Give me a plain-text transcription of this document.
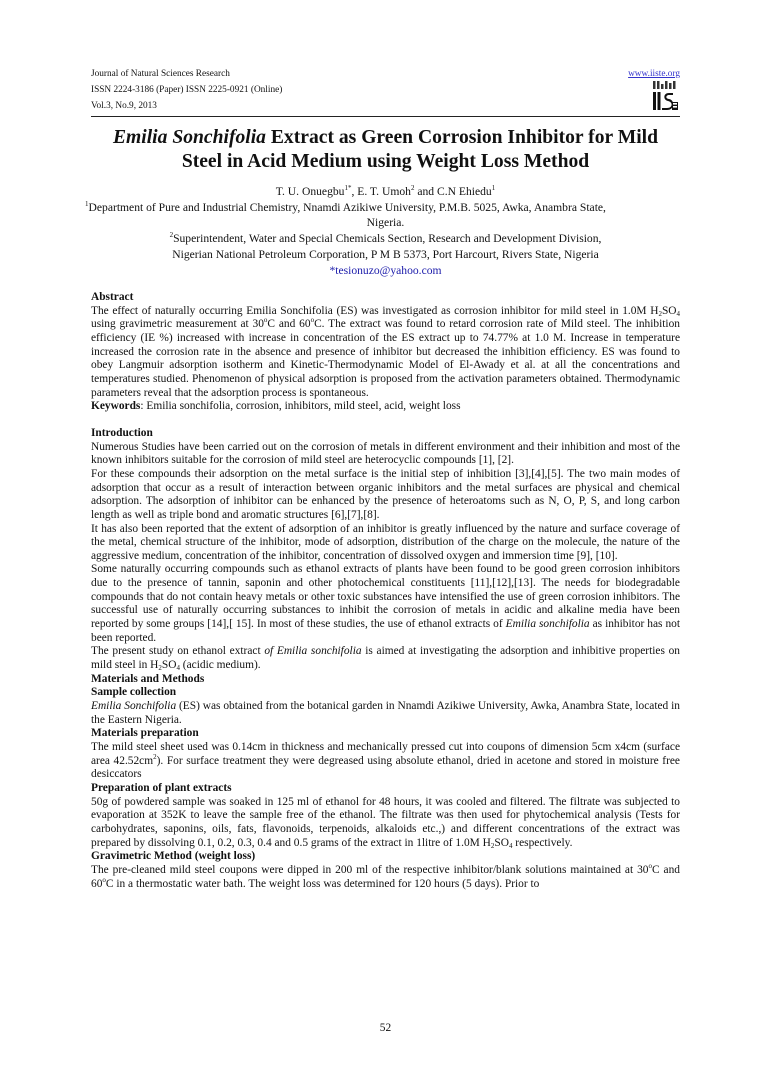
Journal of Natural Sciences Research
ISSN 2224-3186 (Paper) ISSN 2225-0921 (Online)
Vol.3, No.9, 2013
www.iiste.org
Emilia Sonchifolia Extract as Green Corrosion Inhibitor for Mild
Steel in Acid Medium using Weight Loss Method
T. U. Onuegbu$^{1*}$, E. T. Umoh$^2$ and C.N Ehiedu$^1$
$^1$Department of Pure and Industrial Chemistry, Nnamdi Azikiwe University, P.M.B. 5025, Awka, Anambra State,
Nigeria.
$^2$Superintendent, Water and Special Chemicals Section, Research and Development Division,
Nigerian National Petroleum Corporation, P M B 5373, Port Harcourt, Rivers State, Nigeria
*tesionuzo@yahoo.com
Abstract

The effect of naturally occurring Emilia Sonchifolia (ES) was investigated as corrosion inhibitor for mild steel in 1.0M $H_2SO_4$ using gravimetric measurement at 30$^o$C and 60$^o$C. The extract was found to retard corrosion rate of Mild steel. The inhibition efficiency (IE %) increased with increase in concentration of the ES extract up to 74.77% at 1.0 M. Increase in temperature increased the corrosion rate in the absence and presence of inhibitor but decreased the inhibition efficiency. ES was found to obey Langmuir adsorption isotherm and Kinetic-Thermodynamic Model of El-Awady et al. at all the concentrations and temperatures studied. Phenomenon of physical adsorption is proposed from the activation parameters obtained. Thermodynamic parameters reveal that the adsorption process is spontaneous.

Keywords: Emilia sonchifolia, corrosion, inhibitors, mild steel, acid, weight loss

Introduction

Numerous Studies have been carried out on the corrosion of metals in different environment and their inhibition and most of the known inhibitors suitable for the corrosion of mild steel are heterocyclic compounds [1], [2].

For these compounds their adsorption on the metal surface is the initial step of inhibition [3],[4],[5]. The two main modes of adsorption that occur as a result of interaction between organic inhibitors and the metal surfaces are physical and chemical adsorption. The adsorption of inhibitor can be enhanced by the presence of heteroatoms such as N, O, P, S, and long carbon length as well as triple bond and aromatic structures [6],[7],[8].

It has also been reported that the extent of adsorption of an inhibitor is greatly influenced by the nature and surface coverage of the metal, chemical structure of the inhibitor, mode of adsorption, distribution of the charge on the molecule, the nature of the aggressive medium, concentration of the inhibitor, concentration of dissolved oxygen and immersion time [9], [10].

Some naturally occurring compounds such as ethanol extracts of plants have been found to be good green corrosion inhibitors due to the presence of tannin, saponin and other photochemical constituents [11],[12],[13]. The needs for biodegradable compounds that do not contain heavy metals or other toxic substances have intensified the use of green corrosion inhibitors. The successful use of naturally occurring substances to inhibit the corrosion of metals in acidic and alkaline media have been reported by some groups [14],[ 15]. In most of these studies, the use of ethanol extracts of Emilia sonchifolia as inhibitor has not been reported.

The present study on ethanol extract of Emilia sonchifolia is aimed at investigating the adsorption and inhibitive properties on mild steel in $H_2SO_4$ (acidic medium).

Materials and Methods
Sample collection

Emilia Sonchifolia (ES) was obtained from the botanical garden in Nnamdi Azikiwe University, Awka, Anambra State, located in the Eastern Nigeria.

Materials preparation

The mild steel sheet used was 0.14cm in thickness and mechanically pressed cut into coupons of dimension 5cm x4cm (surface area $42.52cm^2$). For surface treatment they were degreased using absolute ethanol, dried in acetone and stored in moisture free desiccators

Preparation of plant extracts

50g of powdered sample was soaked in 125 ml of ethanol for 48 hours, it was cooled and filtered. The filtrate was subjected to evaporation at 352K to leave the sample free of the ethanol. The filtrate was then used for phytochemical analysis (Tests for carbohydrates, saponins, oils, fats, flavonoids, terpenoids, alkaloids etc.,) and different concentrations of the extract was prepared by dissolving 0.1, 0.2, 0.3, 0.4 and 0.5 grams of the extract in 1litre of 1.0M $H_2SO_4$ respectively.

Gravimetric Method (weight loss)

The pre-cleaned mild steel coupons were dipped in 200 ml of the respective inhibitor/blank solutions maintained at 30$^o$C and 60$^o$C in a thermostatic water bath. The weight loss was determined for 120 hours (5 days). Prior to

52
